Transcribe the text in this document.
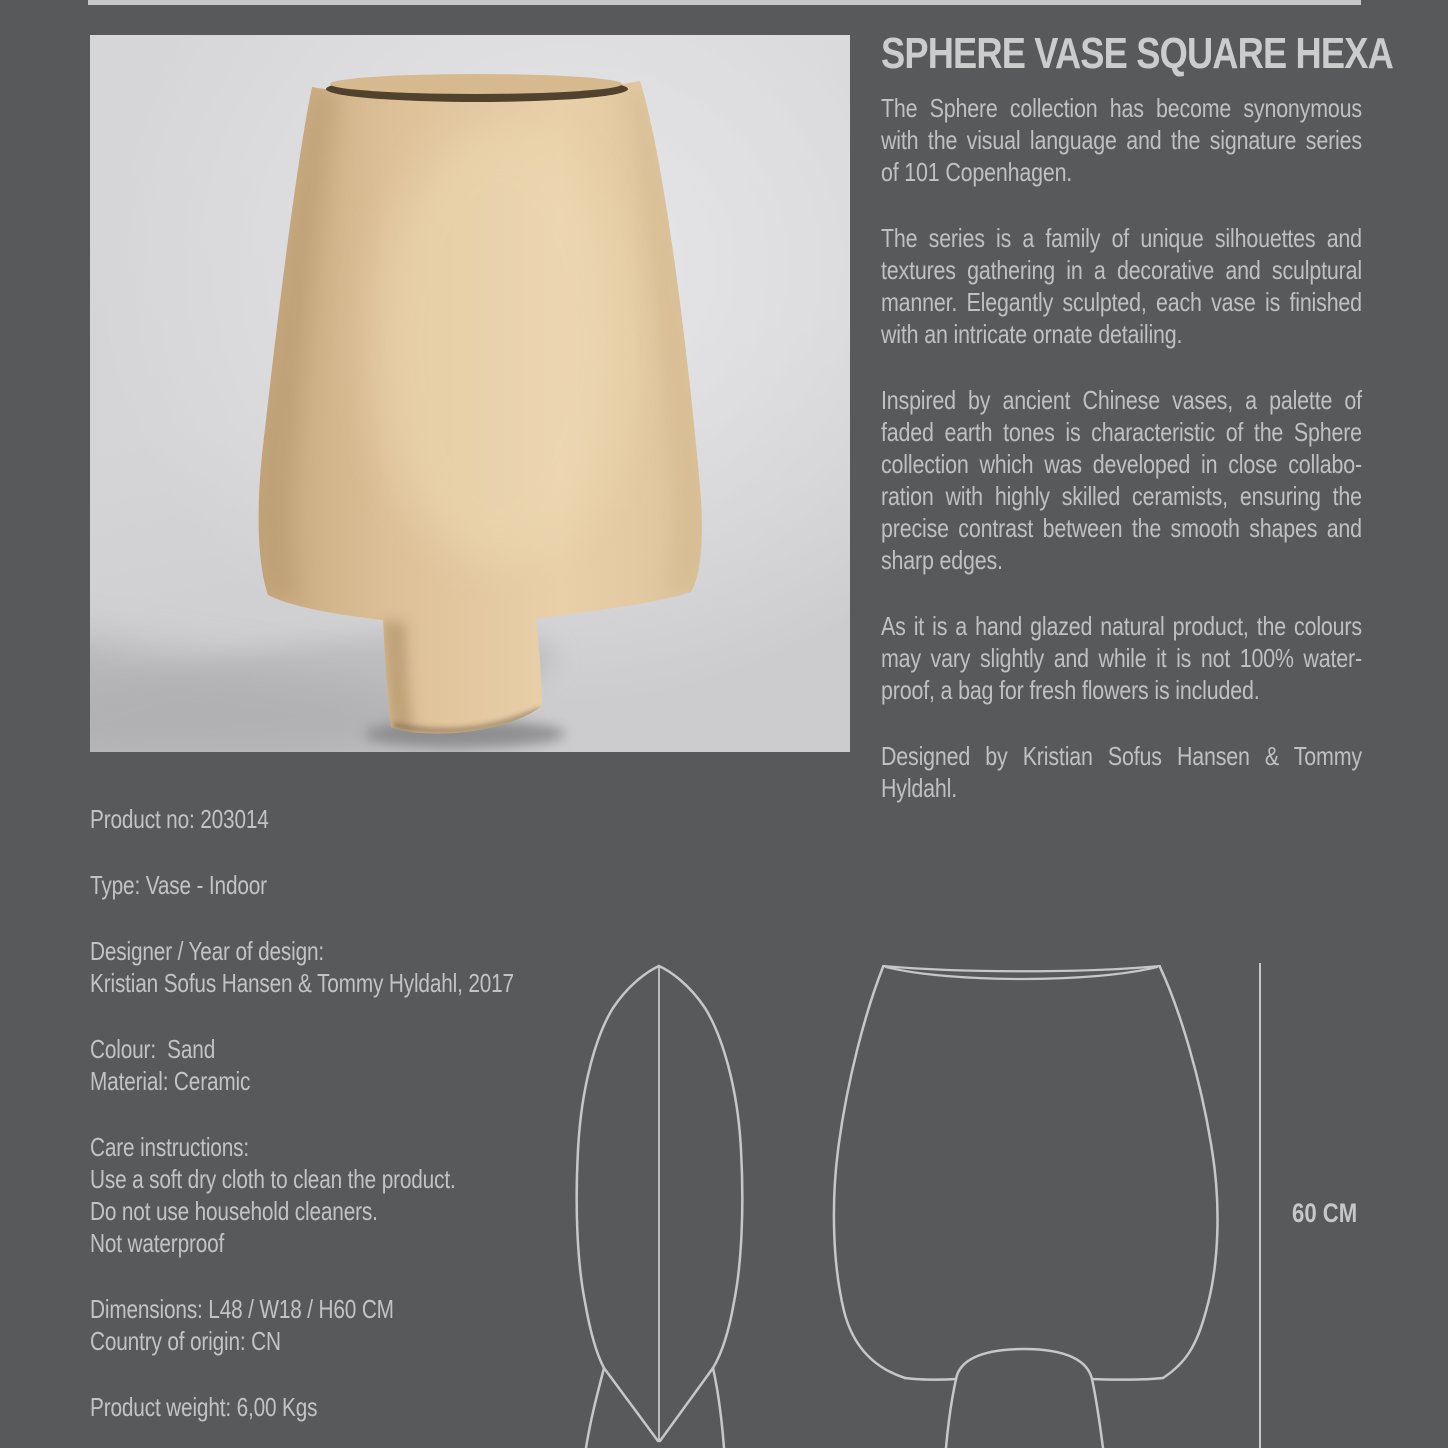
SPHERE VASE SQUARE HEXA
The Sphere collection has become synonymous
with the visual language and the signature series
of 101 Copenhagen.
The series is a family of unique silhouettes and
textures gathering in a decorative and sculptural
manner. Elegantly sculpted, each vase is finished
with an intricate ornate detailing.
Inspired by ancient Chinese vases, a palette of
faded earth tones is characteristic of the Sphere
collection which was developed in close collabo-
ration with highly skilled ceramists, ensuring the
precise contrast between the smooth shapes and
sharp edges.
As it is a hand glazed natural product, the colours
may vary slightly and while it is not 100% water-
proof, a bag for fresh flowers is included.
Designed by Kristian Sofus Hansen & Tommy
Hyldahl.
Product no: 203014
Type: Vase - Indoor
Designer / Year of design:
Kristian Sofus Hansen & Tommy Hyldahl, 2017
Colour:  Sand
Material: Ceramic
Care instructions:
Use a soft dry cloth to clean the product.
Do not use household cleaners.
Not waterproof
Dimensions: L48 / W18 / H60 CM
Country of origin: CN
Product weight: 6,00 Kgs
60 CM
